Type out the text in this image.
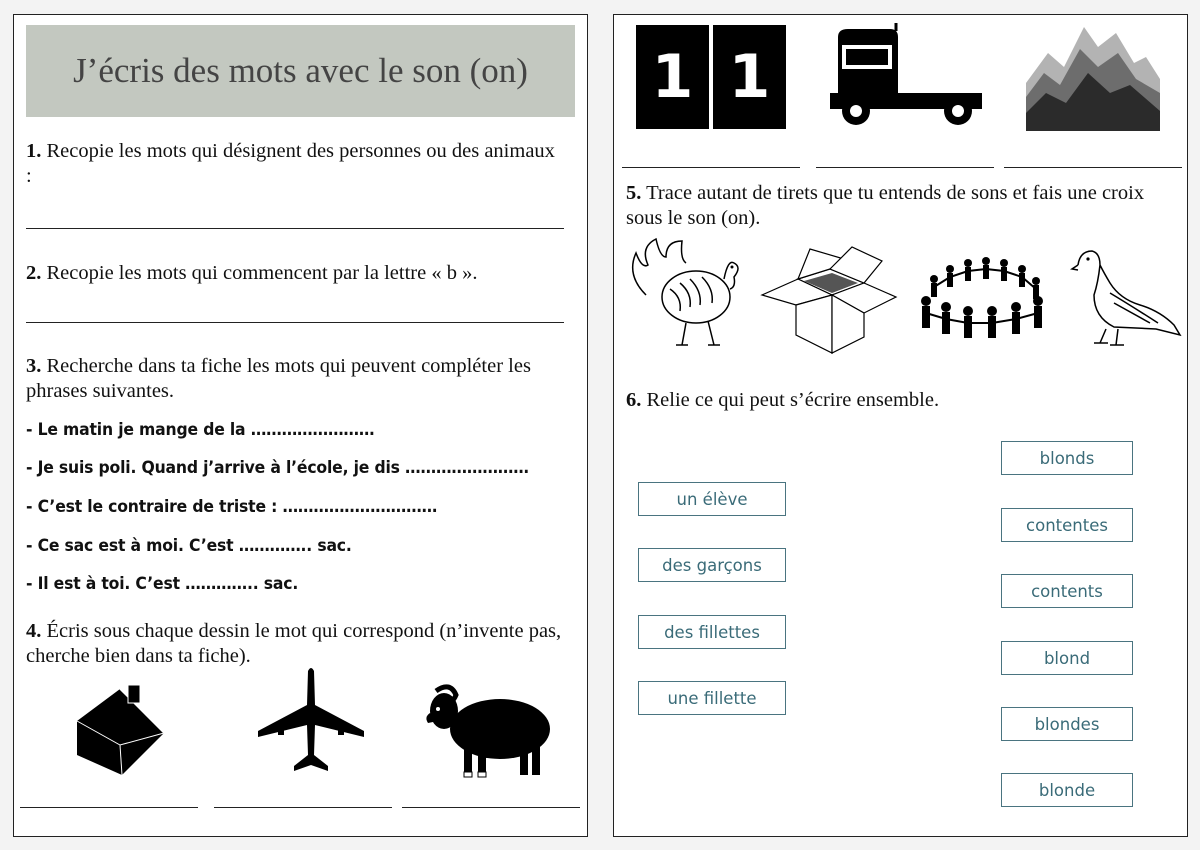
J’écris des mots avec le son (on)
1. Recopie les mots qui désignent des personnes ou des animaux :
2. Recopie les mots qui commencent par la lettre « b ».
3. Recherche dans ta fiche les mots qui peuvent compléter les phrases suivantes.
- Le matin je mange de la ……………………
- Je suis poli. Quand j’arrive à l’école, je dis ……………………
- C’est le contraire de triste : …………………………
- Ce sac est à moi. C’est ………….. sac.
- Il est à toi. C’est ………….. sac.
4. Écris sous chaque dessin le mot qui correspond (n’invente pas, cherche bien dans ta fiche).
1 1
5. Trace autant de tirets que tu entends de sons et fais une croix sous le son (on).
6. Relie ce qui peut s’écrire ensemble.
un élève
des garçons
des fillettes
une fillette
blonds
contentes
contents
blond
blondes
blonde
